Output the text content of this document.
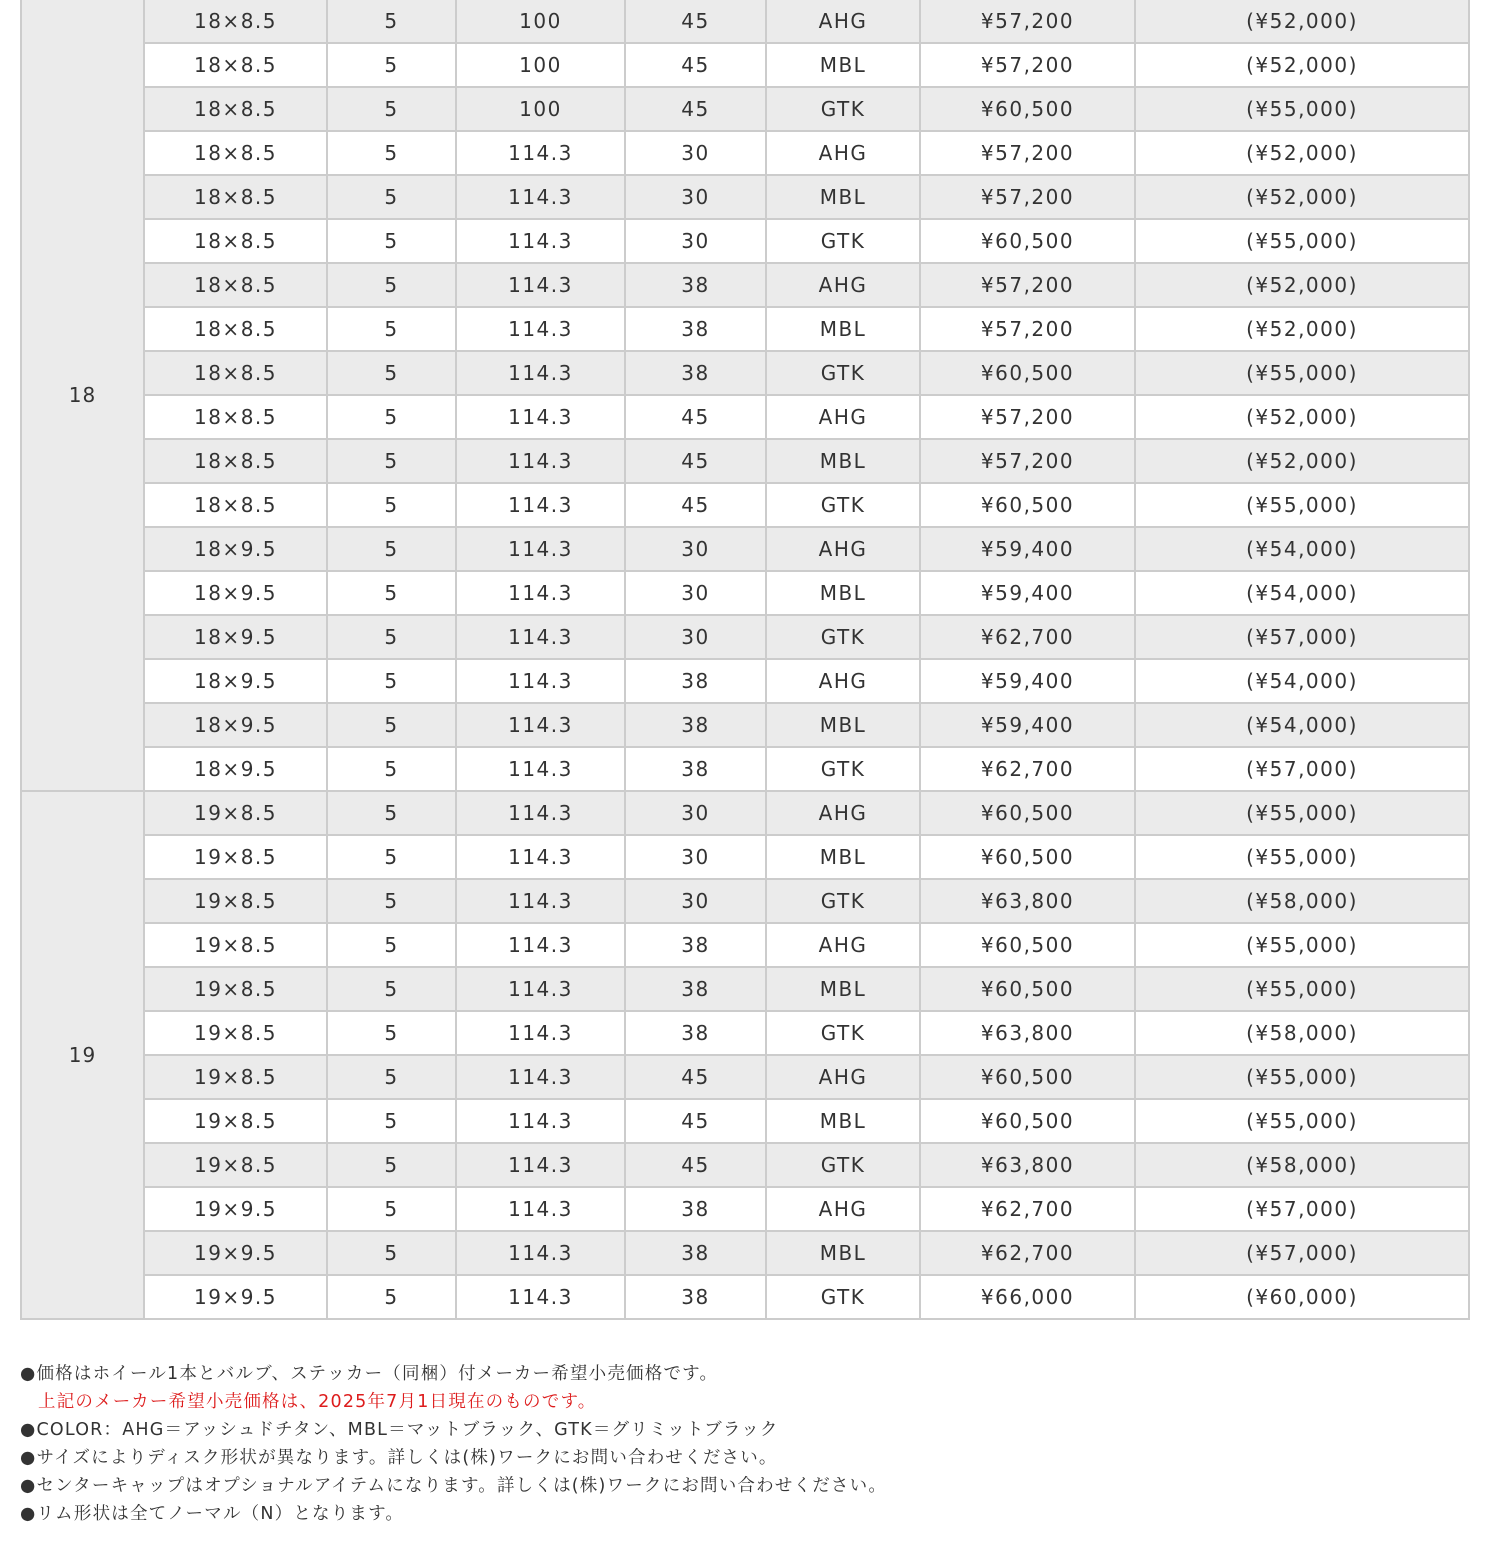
18	18×8.5	5	100	45	AHG	¥57,200	(¥52,000)
	18×8.5	5	100	45	MBL	¥57,200	(¥52,000)
	18×8.5	5	100	45	GTK	¥60,500	(¥55,000)
	18×8.5	5	114.3	30	AHG	¥57,200	(¥52,000)
	18×8.5	5	114.3	30	MBL	¥57,200	(¥52,000)
	18×8.5	5	114.3	30	GTK	¥60,500	(¥55,000)
	18×8.5	5	114.3	38	AHG	¥57,200	(¥52,000)
	18×8.5	5	114.3	38	MBL	¥57,200	(¥52,000)
	18×8.5	5	114.3	38	GTK	¥60,500	(¥55,000)
	18×8.5	5	114.3	45	AHG	¥57,200	(¥52,000)
	18×8.5	5	114.3	45	MBL	¥57,200	(¥52,000)
	18×8.5	5	114.3	45	GTK	¥60,500	(¥55,000)
	18×9.5	5	114.3	30	AHG	¥59,400	(¥54,000)
	18×9.5	5	114.3	30	MBL	¥59,400	(¥54,000)
	18×9.5	5	114.3	30	GTK	¥62,700	(¥57,000)
	18×9.5	5	114.3	38	AHG	¥59,400	(¥54,000)
	18×9.5	5	114.3	38	MBL	¥59,400	(¥54,000)
	18×9.5	5	114.3	38	GTK	¥62,700	(¥57,000)
19	19×8.5	5	114.3	30	AHG	¥60,500	(¥55,000)
	19×8.5	5	114.3	30	MBL	¥60,500	(¥55,000)
	19×8.5	5	114.3	30	GTK	¥63,800	(¥58,000)
	19×8.5	5	114.3	38	AHG	¥60,500	(¥55,000)
	19×8.5	5	114.3	38	MBL	¥60,500	(¥55,000)
	19×8.5	5	114.3	38	GTK	¥63,800	(¥58,000)
	19×8.5	5	114.3	45	AHG	¥60,500	(¥55,000)
	19×8.5	5	114.3	45	MBL	¥60,500	(¥55,000)
	19×8.5	5	114.3	45	GTK	¥63,800	(¥58,000)
	19×9.5	5	114.3	38	AHG	¥62,700	(¥57,000)
	19×9.5	5	114.3	38	MBL	¥62,700	(¥57,000)
	19×9.5	5	114.3	38	GTK	¥66,000	(¥60,000)

●価格はホイール1本とバルブ、ステッカー（同梱）付メーカー希望小売価格です。

上記のメーカー希望小売価格は、2025年7月1日現在のものです。

●COLOR：AHG＝アッシュドチタン、MBL＝マットブラック、GTK＝グリミットブラック

●サイズによりディスク形状が異なります。詳しくは(株)ワークにお問い合わせください。

●センターキャップはオプショナルアイテムになります。詳しくは(株)ワークにお問い合わせください。

●リム形状は全てノーマル（N）となります。
